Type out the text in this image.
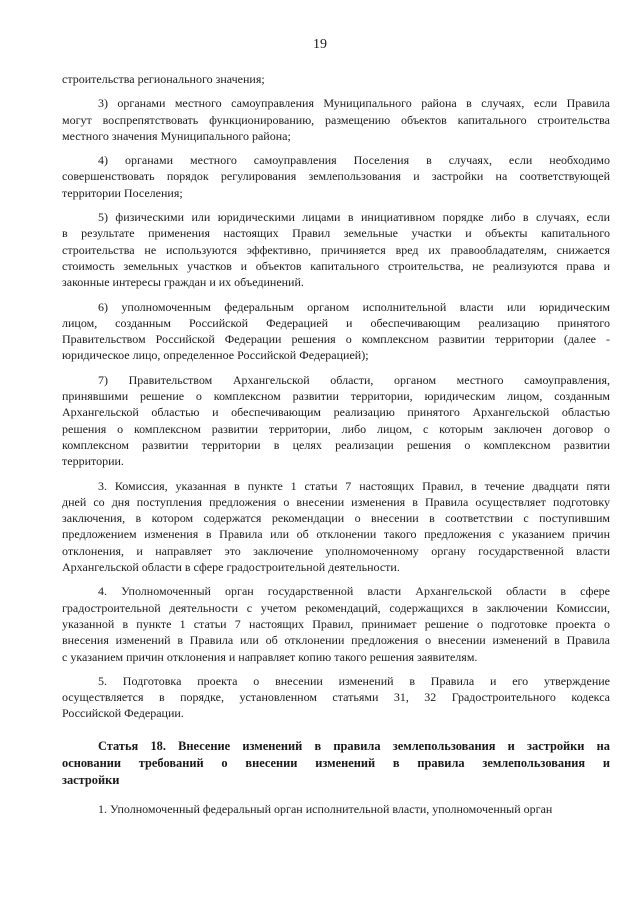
19
строительства регионального значения;
3) органами местного самоуправления Муниципального района в случаях, если Правила
могут воспрепятствовать функционированию, размещению объектов капитального строительства
местного значения Муниципального района;
4) органами местного самоуправления Поселения в случаях, если необходимо
совершенствовать порядок регулирования землепользования и застройки на соответствующей
территории Поселения;
5) физическими или юридическими лицами в инициативном порядке либо в случаях, если
в результате применения настоящих Правил земельные участки и объекты капитального
строительства не используются эффективно, причиняется вред их правообладателям, снижается
стоимость земельных участков и объектов капитального строительства, не реализуются права и
законные интересы граждан и их объединений.
6) уполномоченным федеральным органом исполнительной власти или юридическим
лицом, созданным Российской Федерацией и обеспечивающим реализацию принятого
Правительством Российской Федерации решения о комплексном развитии территории (далее -
юридическое лицо, определенное Российской Федерацией);
7) Правительством Архангельской области, органом местного самоуправления,
принявшими решение о комплексном развитии территории, юридическим лицом, созданным
Архангельской областью и обеспечивающим реализацию принятого Архангельской областью
решения о комплексном развитии территории, либо лицом, с которым заключен договор о
комплексном развитии территории в целях реализации решения о комплексном развитии
территории.
3. Комиссия, указанная в пункте 1 статьи 7 настоящих Правил, в течение двадцати пяти
дней со дня поступления предложения о внесении изменения в Правила осуществляет подготовку
заключения, в котором содержатся рекомендации о внесении в соответствии с поступившим
предложением изменения в Правила или об отклонении такого предложения с указанием причин
отклонения, и направляет это заключение уполномоченному органу государственной власти
Архангельской области в сфере градостроительной деятельности.
4. Уполномоченный орган государственной власти Архангельской области в сфере
градостроительной деятельности с учетом рекомендаций, содержащихся в заключении Комиссии,
указанной в пункте 1 статьи 7 настоящих Правил, принимает решение о подготовке проекта о
внесения изменений в Правила или об отклонении предложения о внесении изменений в Правила
с указанием причин отклонения и направляет копию такого решения заявителям.
5. Подготовка проекта о внесении изменений в Правила и его утверждение
осуществляется в порядке, установленном статьями 31, 32 Градостроительного кодекса
Российской Федерации.
Статья 18. Внесение изменений в правила землепользования и застройки на
основании требований о внесении изменений в правила землепользования и
застройки
1. Уполномоченный федеральный орган исполнительной власти, уполномоченный орган
